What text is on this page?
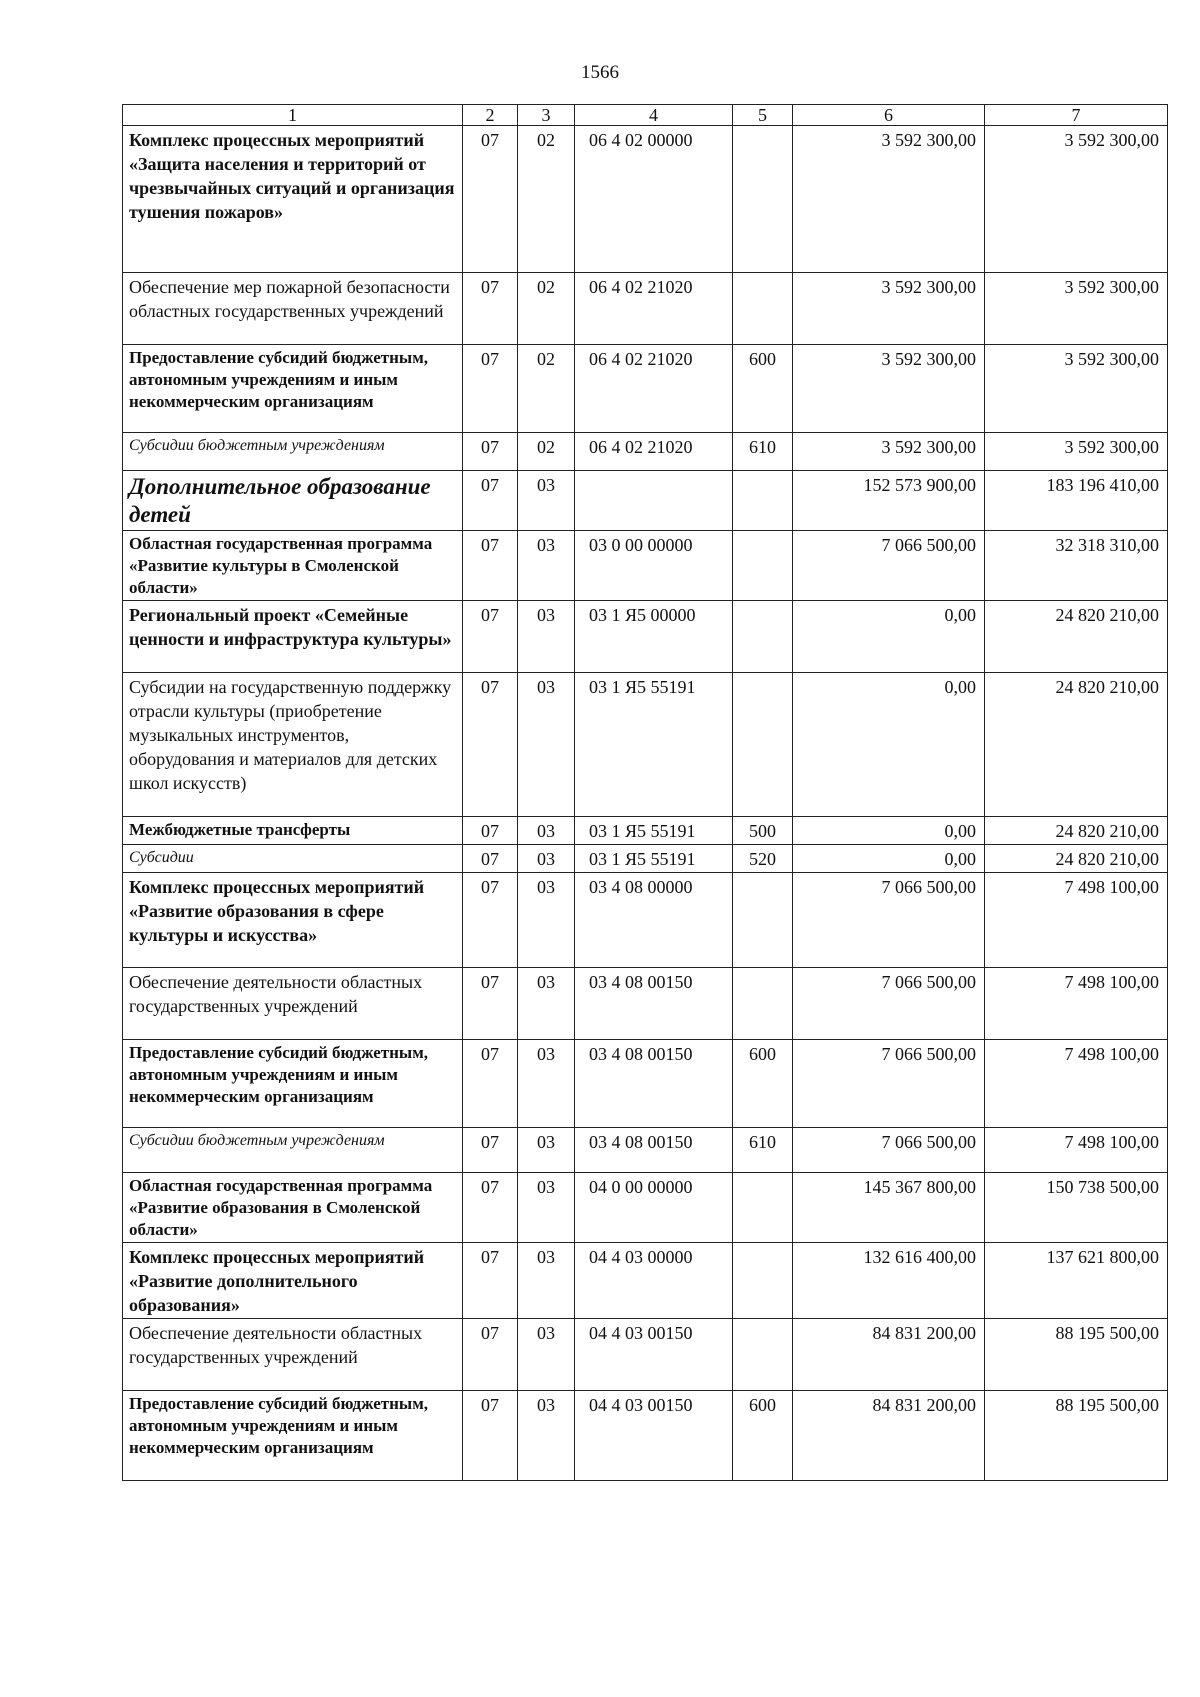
1566
1	2	3	4	5	6	7
Комплекс процессных мероприятий «Защита населения и территорий от чрезвычайных ситуаций и организация тушения пожаров»	07	02	06 4 02 00000		3 592 300,00	3 592 300,00
Обеспечение мер пожарной безопасности областных государственных учреждений	07	02	06 4 02 21020		3 592 300,00	3 592 300,00
Предоставление субсидий бюджетным, автономным учреждениям и иным некоммерческим организациям	07	02	06 4 02 21020	600	3 592 300,00	3 592 300,00
Субсидии бюджетным учреждениям	07	02	06 4 02 21020	610	3 592 300,00	3 592 300,00
Дополнительное образование детей	07	03			152 573 900,00	183 196 410,00
Областная государственная программа «Развитие культуры в Смоленской области»	07	03	03 0 00 00000		7 066 500,00	32 318 310,00
Региональный проект «Семейные ценности и инфраструктура культуры»	07	03	03 1 Я5 00000		0,00	24 820 210,00
Субсидии на государственную поддержку отрасли культуры (приобретение музыкальных инструментов, оборудования и материалов для детских школ искусств)	07	03	03 1 Я5 55191		0,00	24 820 210,00
Межбюджетные трансферты	07	03	03 1 Я5 55191	500	0,00	24 820 210,00
Субсидии	07	03	03 1 Я5 55191	520	0,00	24 820 210,00
Комплекс процессных мероприятий «Развитие образования в сфере культуры и искусства»	07	03	03 4 08 00000		7 066 500,00	7 498 100,00
Обеспечение деятельности областных государственных учреждений	07	03	03 4 08 00150		7 066 500,00	7 498 100,00
Предоставление субсидий бюджетным, автономным учреждениям и иным некоммерческим организациям	07	03	03 4 08 00150	600	7 066 500,00	7 498 100,00
Субсидии бюджетным учреждениям	07	03	03 4 08 00150	610	7 066 500,00	7 498 100,00
Областная государственная программа «Развитие образования в Смоленской области»	07	03	04 0 00 00000		145 367 800,00	150 738 500,00
Комплекс процессных мероприятий «Развитие дополнительного образования»	07	03	04 4 03 00000		132 616 400,00	137 621 800,00
Обеспечение деятельности областных государственных учреждений	07	03	04 4 03 00150		84 831 200,00	88 195 500,00
Предоставление субсидий бюджетным, автономным учреждениям и иным некоммерческим организациям	07	03	04 4 03 00150	600	84 831 200,00	88 195 500,00
